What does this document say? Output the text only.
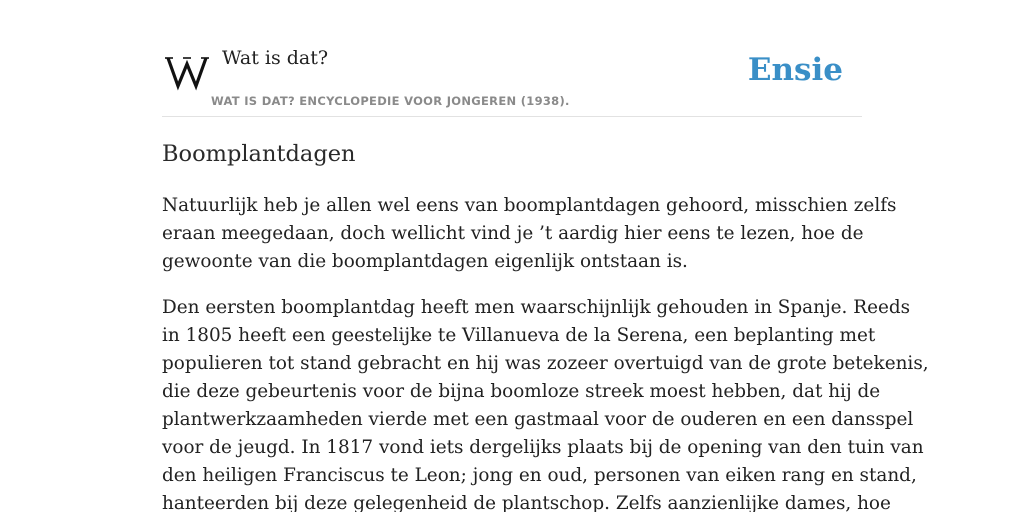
Wat is dat?
WAT IS DAT? ENCYCLOPEDIE VOOR JONGEREN (1938).
Ensie
Boomplantdagen

Natuurlijk heb je allen wel eens van boomplantdagen gehoord, misschien zelfs
eraan meegedaan, doch wellicht vind je ’t aardig hier eens te lezen, hoe de
gewoonte van die boomplantdagen eigenlijk ontstaan is.

Den eersten boomplantdag heeft men waarschijnlijk gehouden in Spanje. Reeds
in 1805 heeft een geestelijke te Villanueva de la Serena, een beplanting met
populieren tot stand gebracht en hij was zozeer overtuigd van de grote betekenis,
die deze gebeurtenis voor de bijna boomloze streek moest hebben, dat hij de
plantwerkzaamheden vierde met een gastmaal voor de ouderen en een dansspel
voor de jeugd. In 1817 vond iets dergelijks plaats bij de opening van den tuin van
den heiligen Franciscus te Leon; jong en oud, personen van eiken rang en stand,
hanteerden bij deze gelegenheid de plantschop. Zelfs aanzienlijke dames, hoe
